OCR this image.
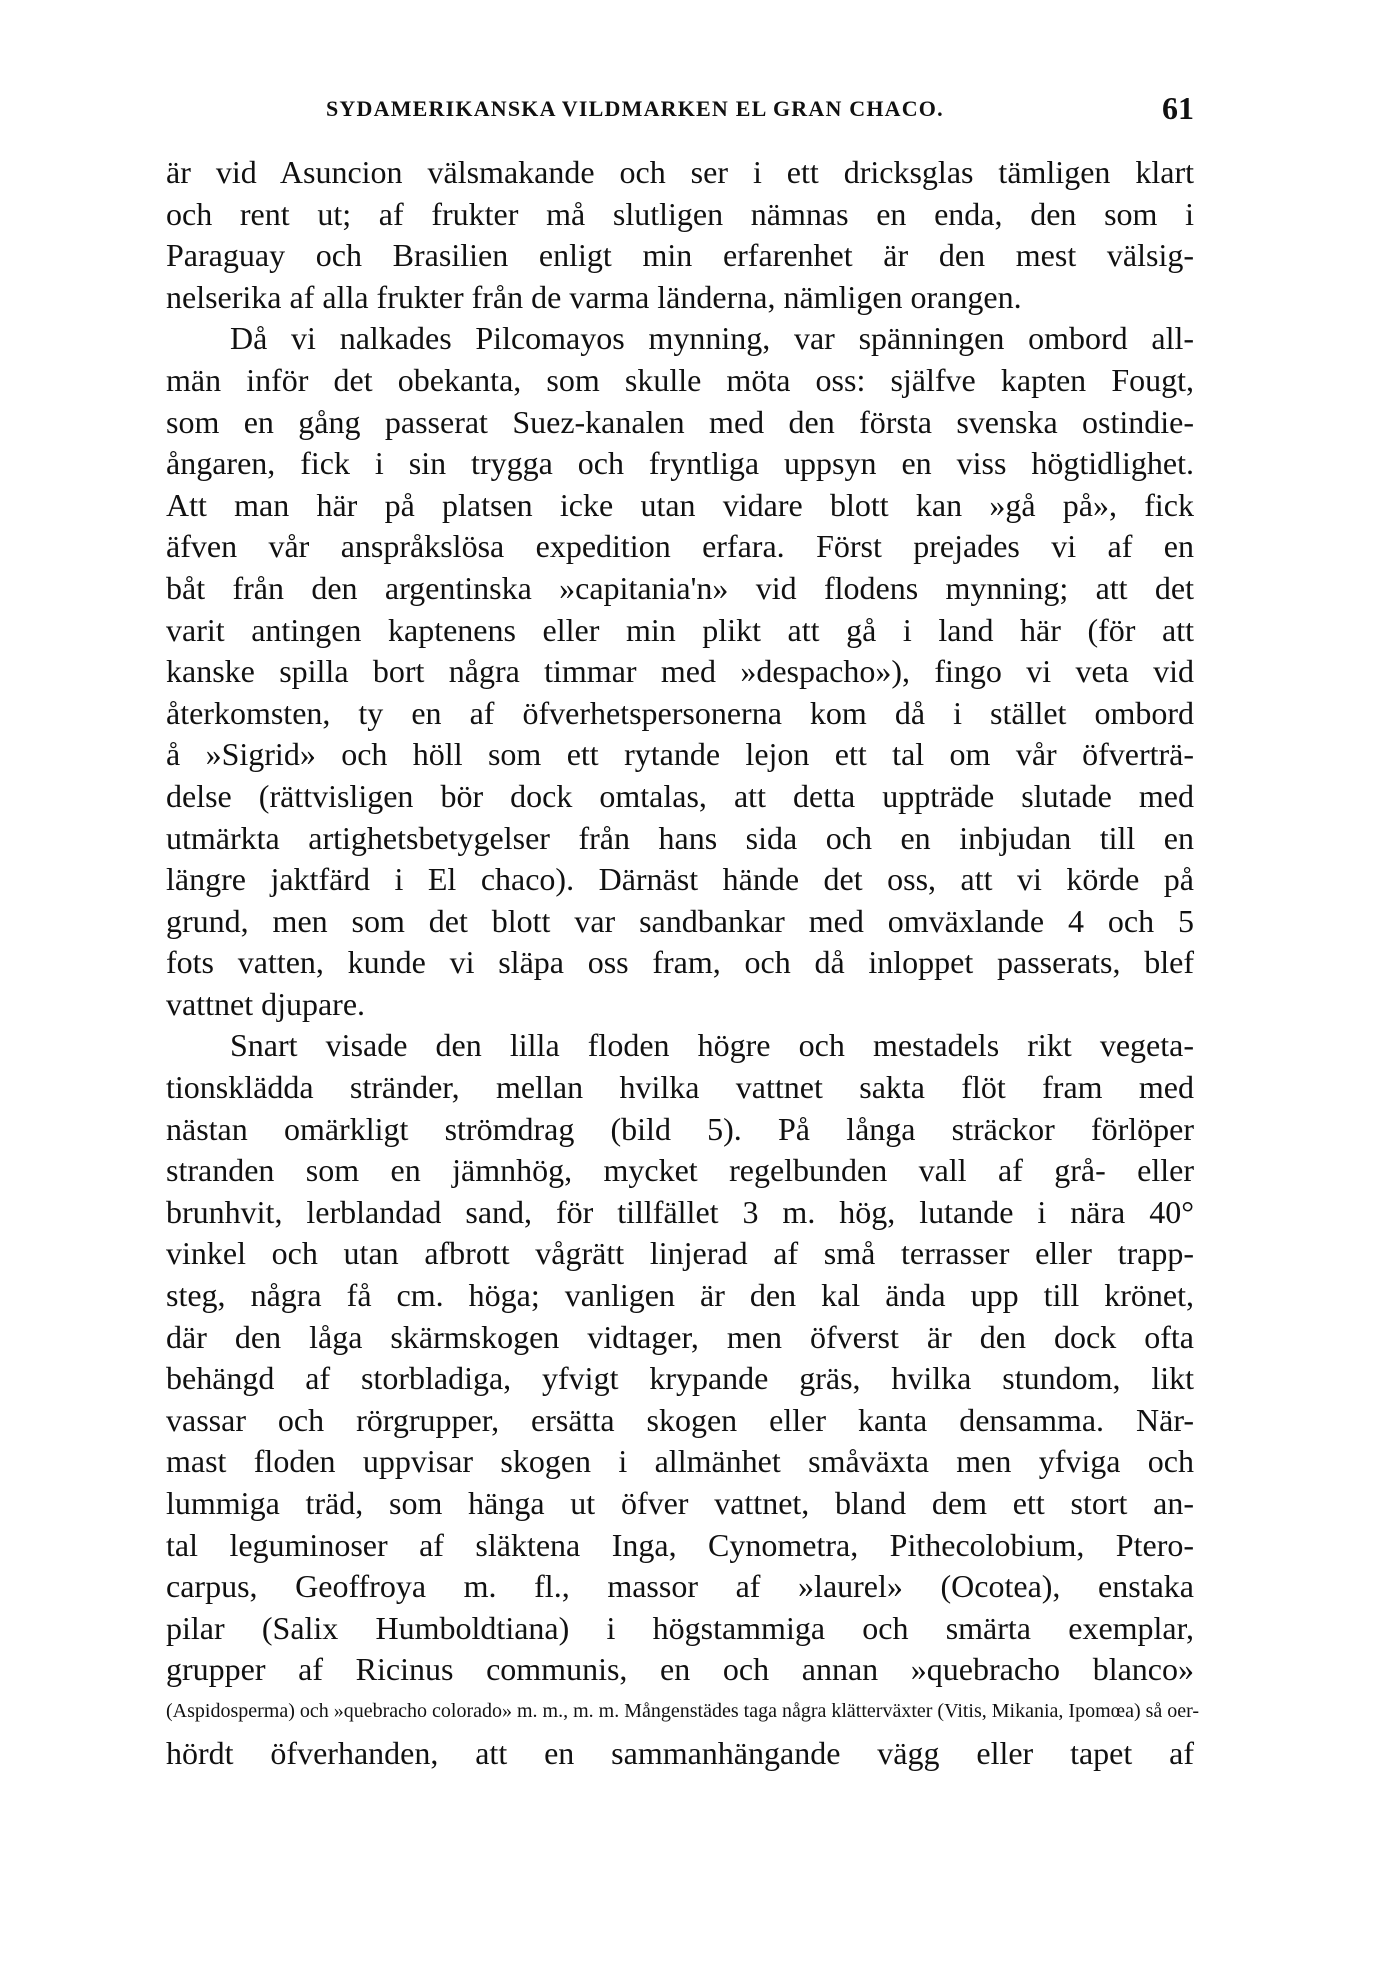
SYDAMERIKANSKA VILDMARKEN EL GRAN CHACO.	61
är vid Asuncion välsmakande och ser i ett dricksglas tämligen klart
och rent ut; af frukter må slutligen nämnas en enda, den som i
Paraguay och Brasilien enligt min erfarenhet är den mest välsig-
nelserika af alla frukter från de varma länderna, nämligen orangen.
Då vi nalkades Pilcomayos mynning, var spänningen ombord all-
män inför det obekanta, som skulle möta oss: själfve kapten Fougt,
som en gång passerat Suez-kanalen med den första svenska ostindie-
ångaren, fick i sin trygga och fryntliga uppsyn en viss högtidlighet.
Att man här på platsen icke utan vidare blott kan »gå på», fick
äfven vår anspråkslösa expedition erfara. Först prejades vi af en
båt från den argentinska »capitania'n» vid flodens mynning; att det
varit antingen kaptenens eller min plikt att gå i land här (för att
kanske spilla bort några timmar med »despacho»), fingo vi veta vid
återkomsten, ty en af öfverhetspersonerna kom då i stället ombord
å »Sigrid» och höll som ett rytande lejon ett tal om vår öfverträ-
delse (rättvisligen bör dock omtalas, att detta uppträde slutade med
utmärkta artighetsbetygelser från hans sida och en inbjudan till en
längre jaktfärd i El chaco). Därnäst hände det oss, att vi körde på
grund, men som det blott var sandbankar med omväxlande 4 och 5
fots vatten, kunde vi släpa oss fram, och då inloppet passerats, blef
vattnet djupare.
Snart visade den lilla floden högre och mestadels rikt vegeta-
tionsklädda stränder, mellan hvilka vattnet sakta flöt fram med
nästan omärkligt strömdrag (bild 5). På långa sträckor förlöper
stranden som en jämnhög, mycket regelbunden vall af grå- eller
brunhvit, lerblandad sand, för tillfället 3 m. hög, lutande i nära 40°
vinkel och utan afbrott vågrätt linjerad af små terrasser eller trapp-
steg, några få cm. höga; vanligen är den kal ända upp till krönet,
där den låga skärmskogen vidtager, men öfverst är den dock ofta
behängd af storbladiga, yfvigt krypande gräs, hvilka stundom, likt
vassar och rörgrupper, ersätta skogen eller kanta densamma. När-
mast floden uppvisar skogen i allmänhet småväxta men yfviga och
lummiga träd, som hänga ut öfver vattnet, bland dem ett stort an-
tal leguminoser af släktena Inga, Cynometra, Pithecolobium, Ptero-
carpus, Geoffroya m. fl., massor af »laurel» (Ocotea), enstaka
pilar (Salix Humboldtiana) i högstammiga och smärta exemplar,
grupper af Ricinus communis, en och annan »quebracho blanco»
(Aspidosperma) och »quebracho colorado» m. m., m. m. Mångenstädes taga några klätterväxter (Vitis, Mikania, Ipomœa) så oer-
hördt öfverhanden, att en sammanhängande vägg eller tapet af
